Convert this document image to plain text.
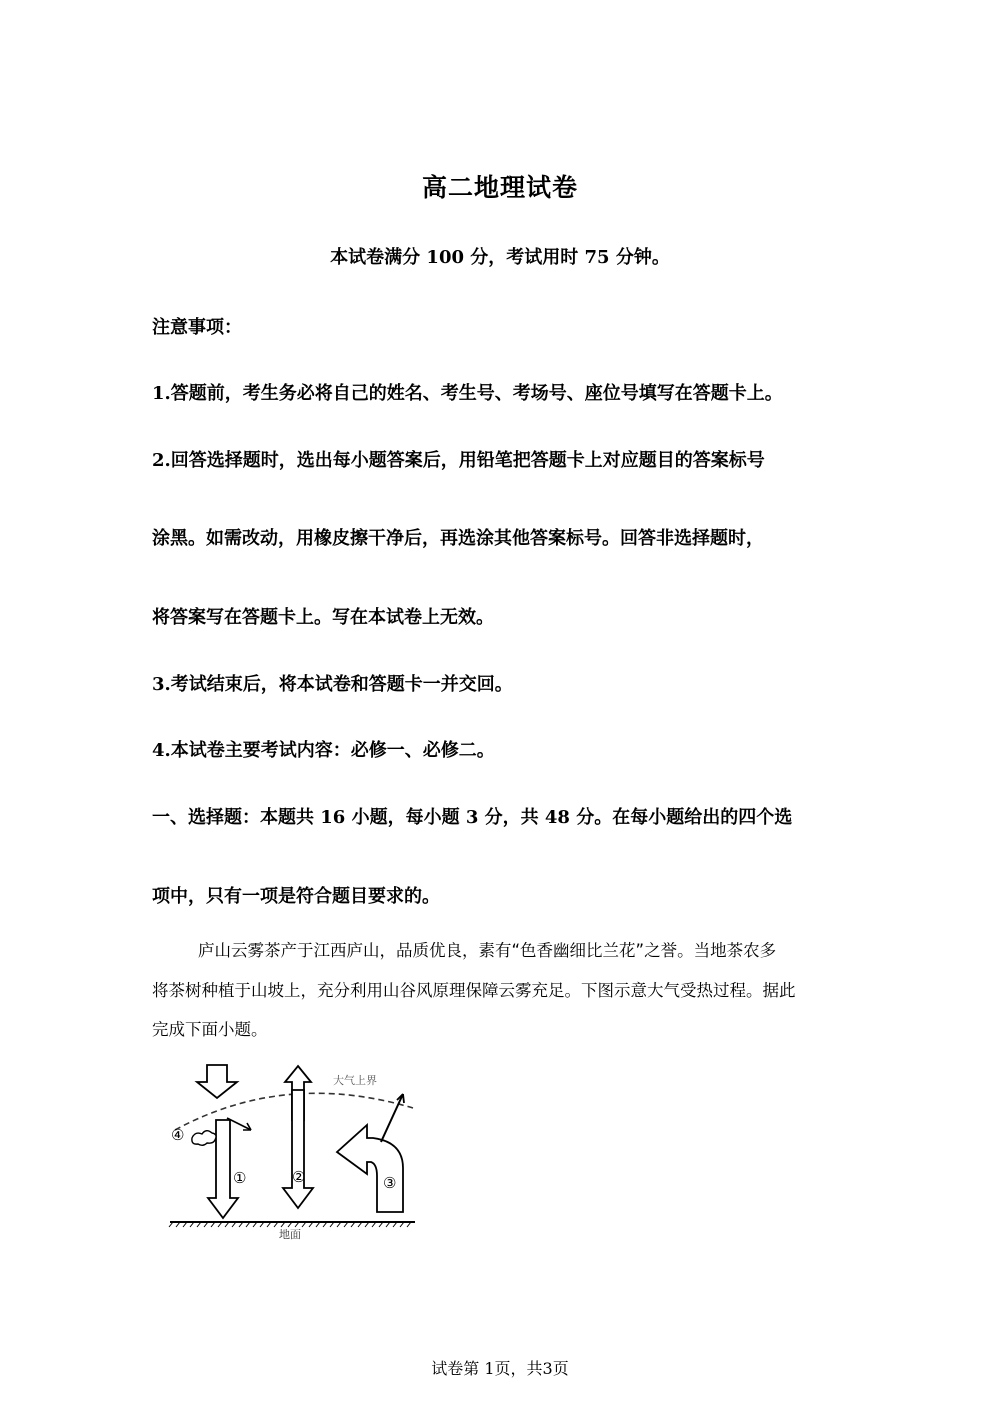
高二地理试卷
本试卷满分 100 分，考试用时 75 分钟。
注意事项：
1.答题前，考生务必将自己的姓名、考生号、考场号、座位号填写在答题卡上。
2.回答选择题时，选出每小题答案后，用铅笔把答题卡上对应题目的答案标号
涂黑。如需改动，用橡皮擦干净后，再选涂其他答案标号。回答非选择题时，
将答案写在答题卡上。写在本试卷上无效。
3.考试结束后，将本试卷和答题卡一并交回。
4.本试卷主要考试内容：必修一、必修二。
一、选择题：本题共 16 小题，每小题 3 分，共 48 分。在每小题给出的四个选
项中，只有一项是符合题目要求的。
庐山云雾茶产于江西庐山，品质优良，素有“色香幽细比兰花”之誉。当地茶农多
将茶树种植于山坡上，充分利用山谷风原理保障云雾充足。下图示意大气受热过程。据此
完成下面小题。
大气上界
地面
①	②	③
④
试卷第 1页，共3页
